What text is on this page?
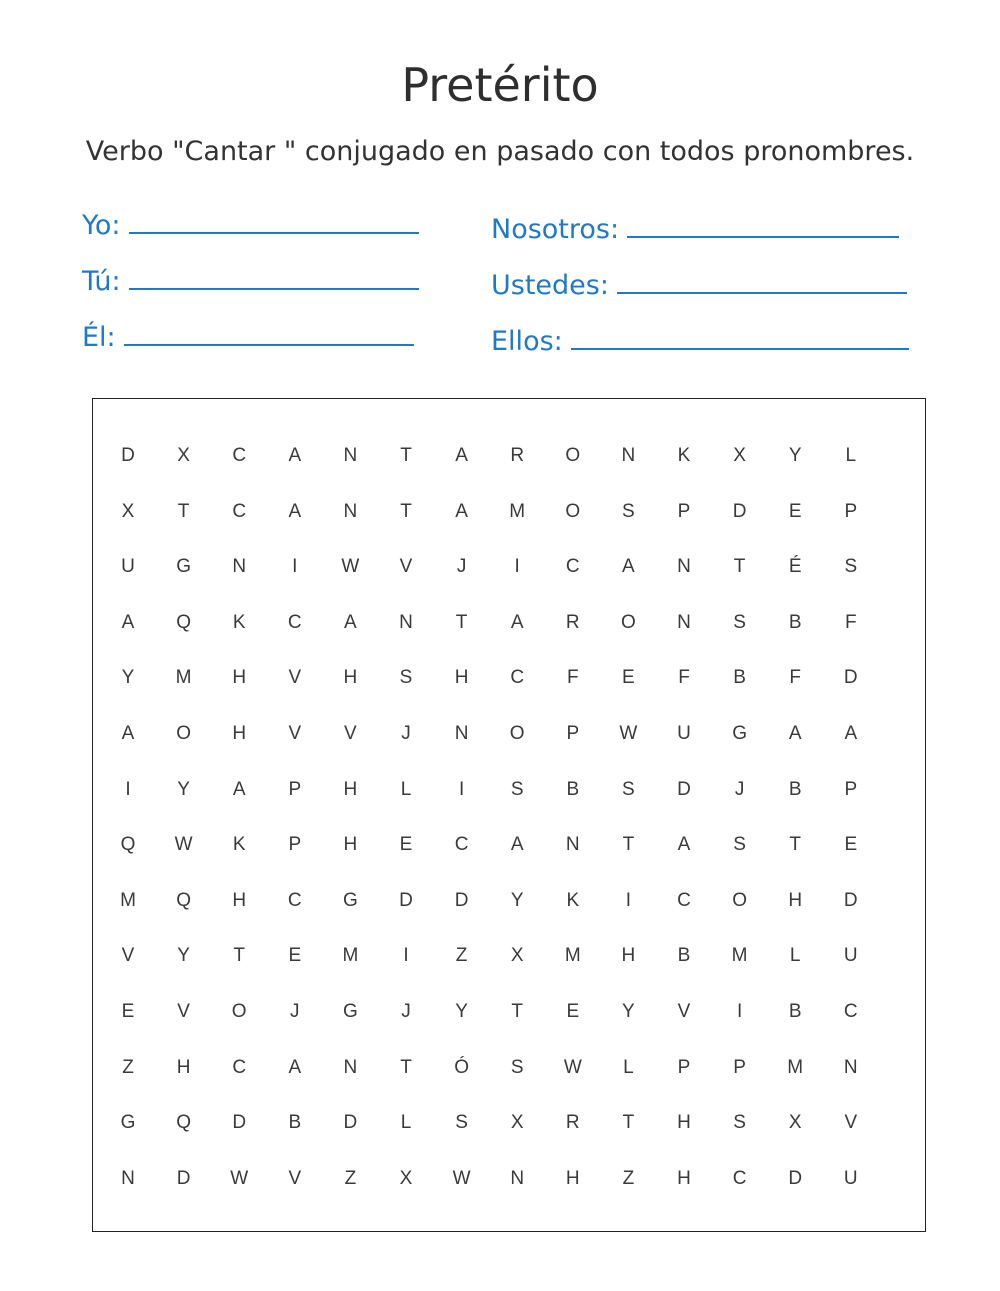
Pretérito
Verbo "Cantar " conjugado en pasado con todos pronombres.
Yo:
Tú:
Él:
Nosotros:
Ustedes:
Ellos:
D	X	C	A	N	T	A	R	O	N	K	X	Y	L
X	T	C	A	N	T	A	M	O	S	P	D	E	P
U	G	N	I	W	V	J	I	C	A	N	T	É	S
A	Q	K	C	A	N	T	A	R	O	N	S	B	F
Y	M	H	V	H	S	H	C	F	E	F	B	F	D
A	O	H	V	V	J	N	O	P	W	U	G	A	A
I	Y	A	P	H	L	I	S	B	S	D	J	B	P
Q	W	K	P	H	E	C	A	N	T	A	S	T	E
M	Q	H	C	G	D	D	Y	K	I	C	O	H	D
V	Y	T	E	M	I	Z	X	M	H	B	M	L	U
E	V	O	J	G	J	Y	T	E	Y	V	I	B	C
Z	H	C	A	N	T	Ó	S	W	L	P	P	M	N
G	Q	D	B	D	L	S	X	R	T	H	S	X	V
N	D	W	V	Z	X	W	N	H	Z	H	C	D	U
